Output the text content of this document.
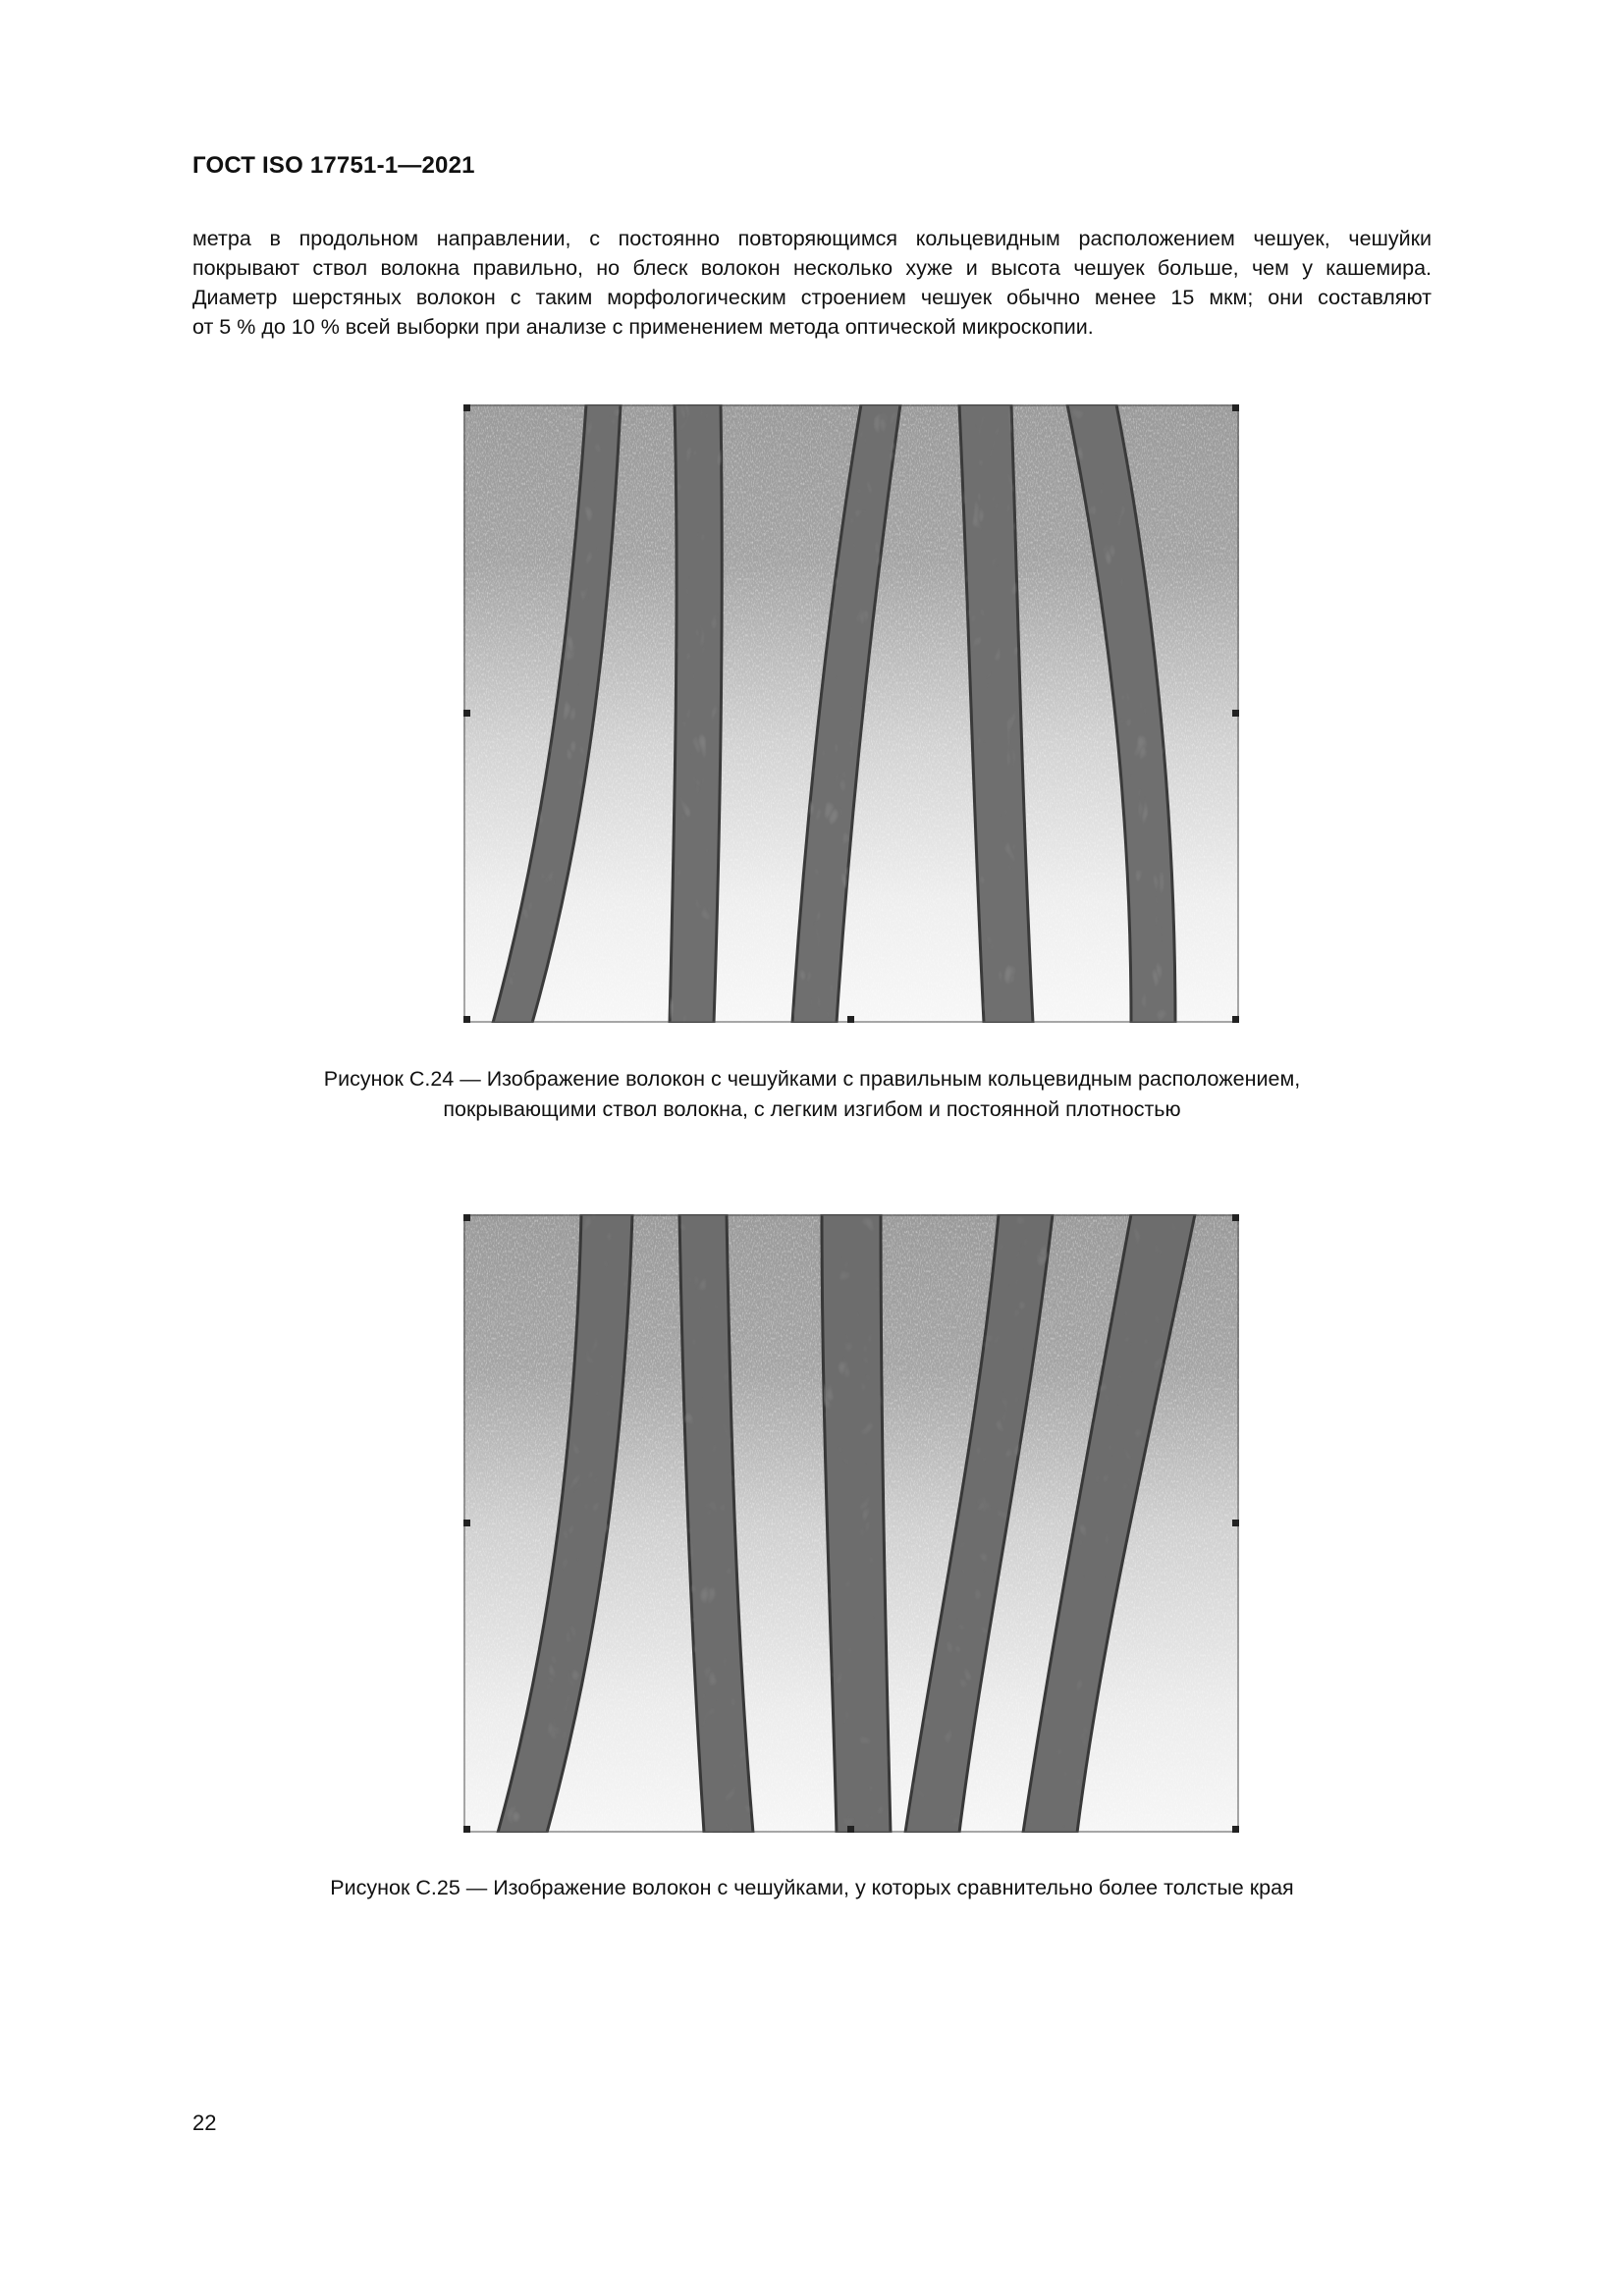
ГОСТ ISO 17751-1—2021
метра в продольном направлении, с постоянно повторяющимся кольцевидным расположением чешуек, чешуйки
покрывают ствол волокна правильно, но блеск волокон несколько хуже и высота чешуек больше, чем у кашемира.
Диаметр шерстяных волокон с таким морфологическим строением чешуек обычно менее 15 мкм; они составляют
от 5 % до 10 % всей выборки при анализе с применением метода оптической микроскопии.
Рисунок С.24 — Изображение волокон с чешуйками с правильным кольцевидным расположением,
покрывающими ствол волокна, с легким изгибом и постоянной плотностью
Рисунок С.25 — Изображение волокон с чешуйками, у которых сравнительно более толстые края
22
